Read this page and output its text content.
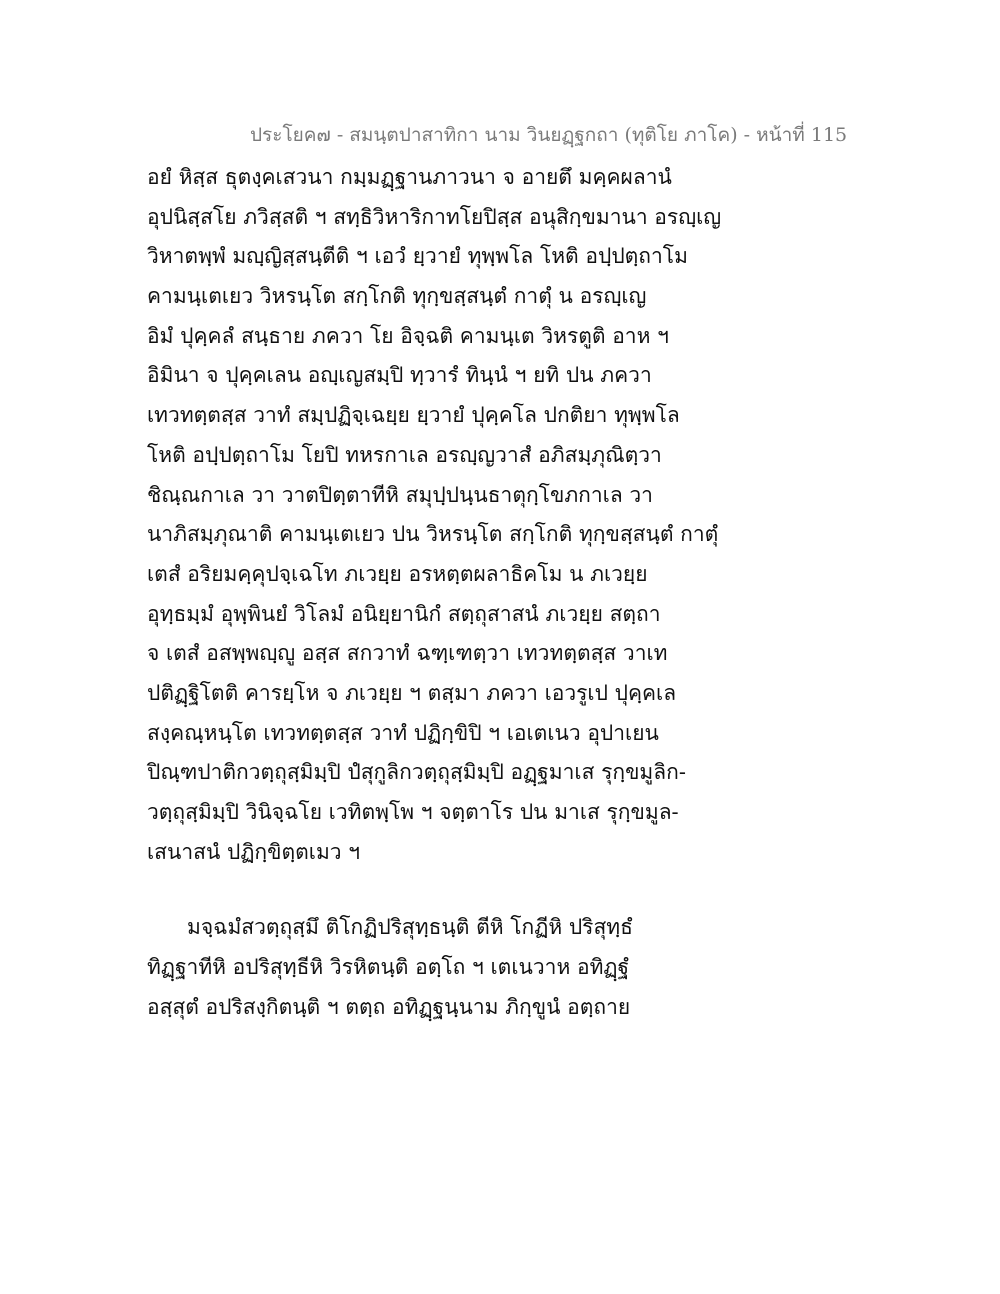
ประโยค๗ - สมนฺตปาสาทิกา นาม วินยฏฺฐกถา (ทุติโย ภาโค) - หน้าที่ 115
อยํ หิสฺส ธุตงฺคเสวนา กมฺมฏฺฐานภาวนา จ อายตึ มคฺคผลานํ
อุปนิสฺสโย ภวิสฺสติ ฯ สทฺธิวิหาริกาทโยปิสฺส อนุสิกฺขมานา อรญฺเญ
วิหาตพฺพํ มญฺญิสฺสนฺตีติ ฯ เอวํ ยฺวายํ ทุพฺพโล โหติ อปฺปตฺถาโม
คามนฺเตเยว วิหรนฺโต สกฺโกติ ทุกฺขสฺสนฺตํ กาตุํ น อรญฺเญ
อิมํ ปุคฺคลํ สนฺธาย ภควา โย อิจฺฉติ คามนฺเต วิหรตูติ อาห ฯ
อิมินา จ ปุคฺคเลน อญฺเญสมฺปิ ทฺวารํ ทินฺนํ ฯ ยทิ ปน ภควา
เทวทตฺตสฺส วาทํ สมฺปฏิจฺเฉยฺย ยฺวายํ ปุคฺคโล ปกติยา ทุพฺพโล
โหติ อปฺปตฺถาโม โยปิ ทหรกาเล อรญฺญวาสํ อภิสมฺภุณิตฺวา
ชิณฺณกาเล วา วาตปิตฺตาทีหิ สมุปฺปนฺนธาตุกฺโขภกาเล วา
นาภิสมฺภุณาติ คามนฺเตเยว ปน วิหรนฺโต สกฺโกติ ทุกฺขสฺสนฺตํ กาตุํ
เตสํ อริยมคฺคุปจฺเฉโท ภเวยฺย อรหตฺตผลาธิคโม น ภเวยฺย
อุทฺธมฺมํ อุพฺพินยํ วิโลมํ อนิยฺยานิกํ สตฺถุสาสนํ ภเวยฺย สตฺถา
จ เตสํ อสพฺพญฺญู อสฺส สกวาทํ ฉฑฺเฑตฺวา เทวทตฺตสฺส วาเท
ปติฏฺฐิโตติ คารยฺโห จ ภเวยฺย ฯ ตสฺมา ภควา เอวรูเป ปุคฺคเล
สงฺคณฺหนฺโต เทวทตฺตสฺส วาทํ ปฏิกฺขิปิ ฯ เอเตเนว อุปาเยน
ปิณฺฑปาติกวตฺถุสฺมิมฺปิ ปํสุกูลิกวตฺถุสฺมิมฺปิ อฏฺฐมาเส รุกฺขมูลิก-
วตฺถุสฺมิมฺปิ วินิจฺฉโย เวทิตพฺโพ ฯ จตฺตาโร ปน มาเส รุกฺขมูล-
เสนาสนํ ปฏิกฺขิตฺตเมว ฯ
มจฺฉมํสวตฺถุสฺมึ ติโกฏิปริสุทฺธนฺติ ตีหิ โกฏีหิ ปริสุทฺธํ
ทิฏฺฐาทีหิ อปริสุทฺธีหิ วิรหิตนฺติ อตฺโถ ฯ เตเนวาห อทิฏฺฐํ
อสฺสุตํ อปริสงฺกิตนฺติ ฯ ตตฺถ อทิฏฺฐนฺนาม ภิกฺขูนํ อตฺถาย
